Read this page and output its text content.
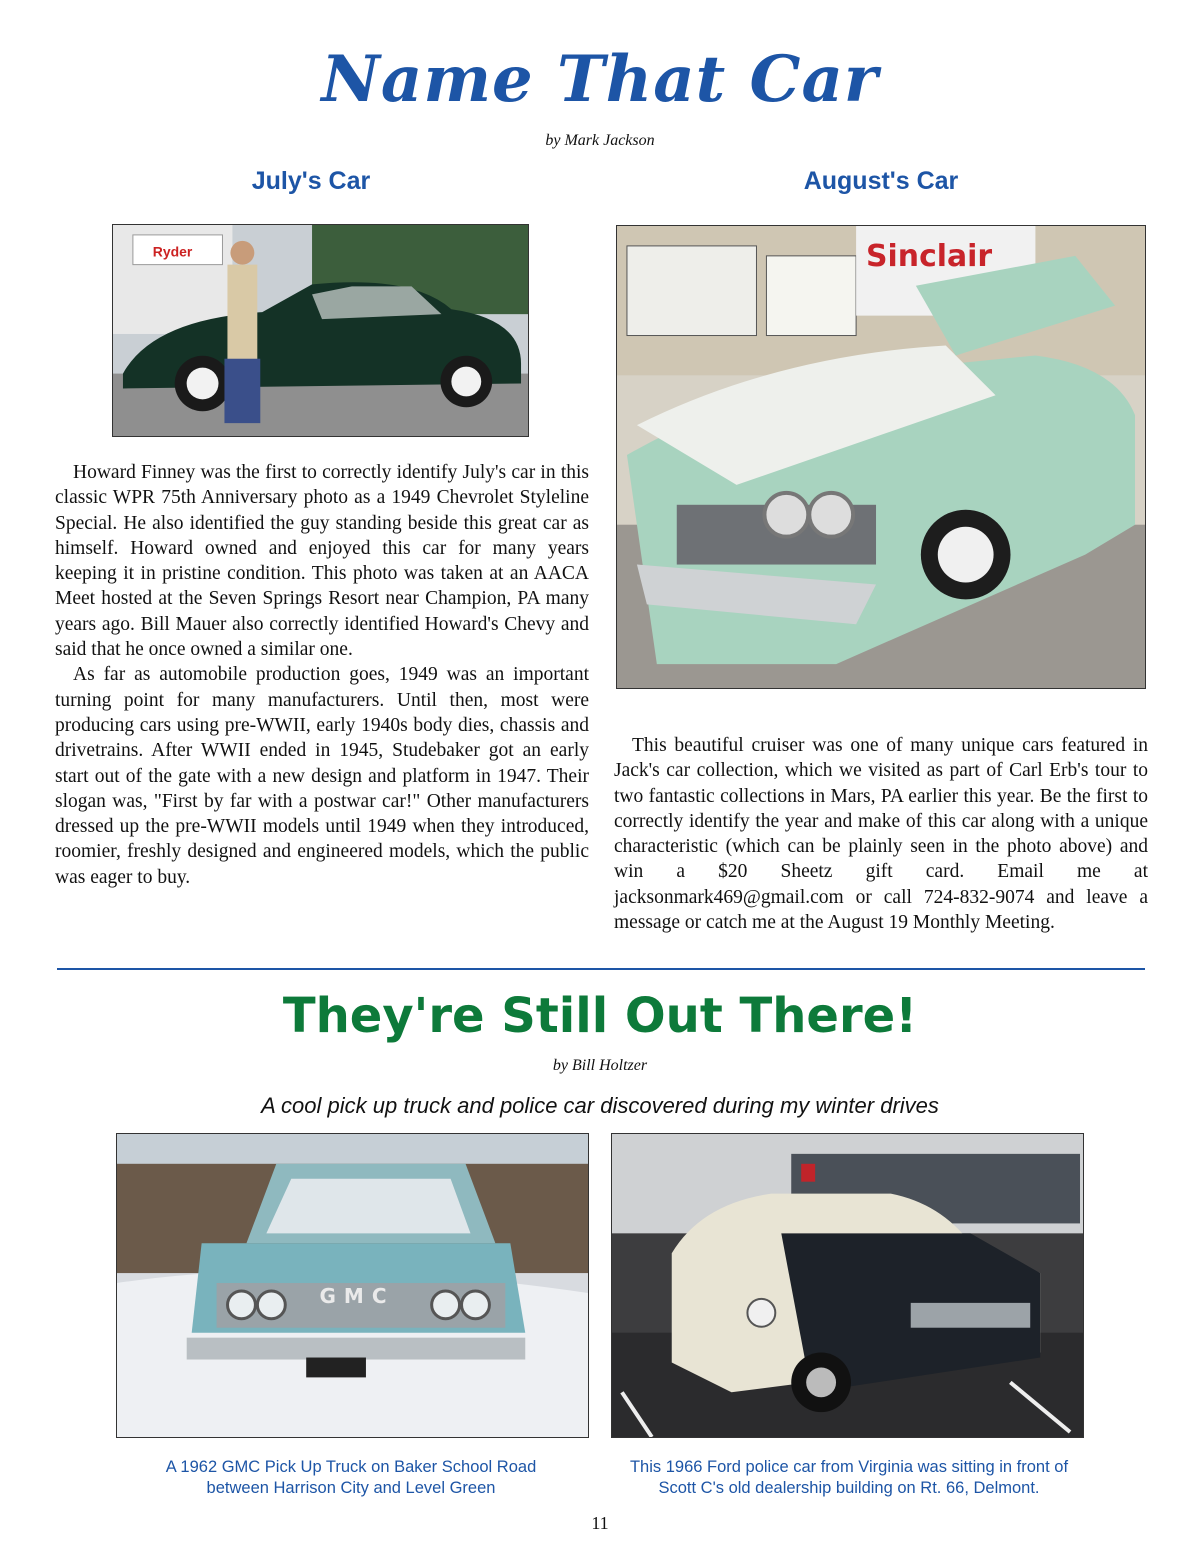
Name That Car
by Mark Jackson
July's Car	August's Car
Ryder	Sinclair

Howard Finney was the first to correctly identify July's car in this classic WPR 75th Anniversary photo as a 1949 Chevrolet Styleline Special. He also identified the guy standing beside this great car as himself. Howard owned and enjoyed this car for many years keeping it in pristine condition. This photo was taken at an AACA Meet hosted at the Seven Springs Resort near Champion, PA many years ago. Bill Mauer also correctly identified Howard's Chevy and said that he once owned a similar one.

As far as automobile production goes, 1949 was an important turning point for many manufacturers. Until then, most were producing cars using pre-WWII, early 1940s body dies, chassis and drivetrains. After WWII ended in 1945, Studebaker got an early start out of the gate with a new design and platform in 1947. Their slogan was, "First by far with a postwar car!" Other manufacturers dressed up the pre-WWII models until 1949 when they introduced, roomier, freshly designed and engineered models, which the public was eager to buy.

This beautiful cruiser was one of many unique cars featured in Jack's car collection, which we visited as part of Carl Erb's tour to two fantastic collections in Mars, PA earlier this year. Be the first to correctly identify the year and make of this car along with a unique characteristic (which can be plainly seen in the photo above) and win a $20 Sheetz gift card. Email me at jacksonmark469@gmail.com or call 724-832-9074 and leave a message or catch me at the August 19 Monthly Meeting.

They're Still Out There!
by Bill Holtzer
A cool pick up truck and police car discovered during my winter drives
GMC
A 1962 GMC Pick Up Truck on Baker School Road between Harrison City and Level Green
This 1966 Ford police car from Virginia was sitting in front of Scott C's old dealership building on Rt. 66, Delmont.
11
